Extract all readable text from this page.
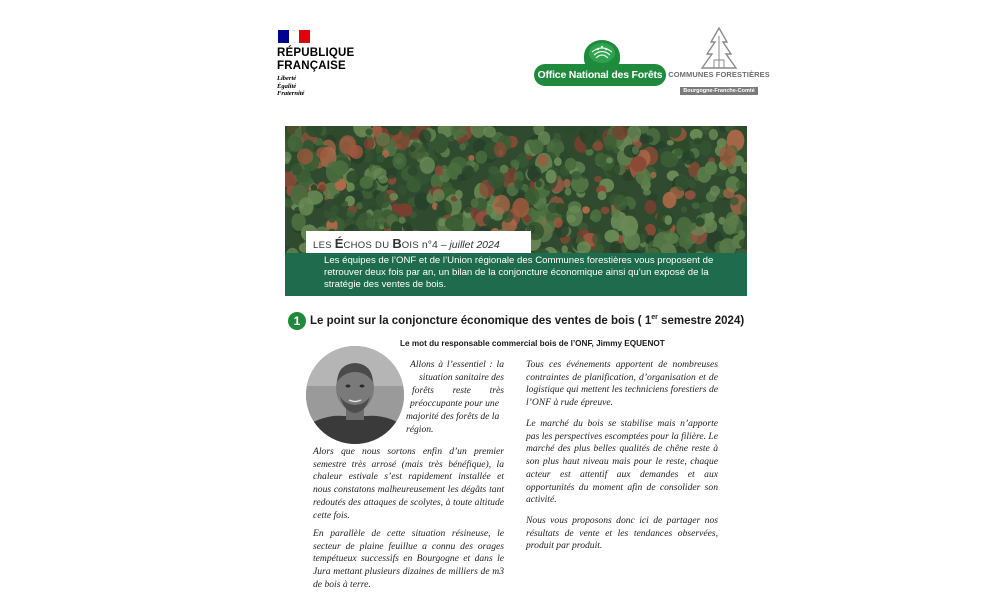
RÉPUBLIQUE
FRANÇAISE
Liberté
Égalité
Fraternité
Office National des Forêts COMMUNES FORESTIÈRES
Bourgogne-Franche-Comté
LES ÉCHOS DU BOIS n°4 – juillet 2024
Les équipes de l’ONF et de l’Union régionale des Communes forestières vous proposent de retrouver deux fois par an, un bilan de la conjoncture économique ainsi qu’un exposé de la stratégie des ventes de bois.
1 Le point sur la conjoncture économique des ventes de bois ( 1er semestre 2024)
Le mot du responsable commercial bois de l’ONF, Jimmy EQUENOT
Allons à l’essentiel : la
situation sanitaire des
forêts reste très
préoccupante pour une
majorité des forêts de la
région.
Alors que nous sortons enfin d’un premier semestre très arrosé (mais très bénéfique), la chaleur estivale s’est rapidement installée et nous constatons malheureusement les dégâts tant redoutés des attaques de scolytes, à toute altitude cette fois.
En parallèle de cette situation résineuse, le secteur de plaine feuillue a connu des orages tempétueux successifs en Bourgogne et dans le Jura mettant plusieurs dizaines de milliers de m3 de bois à terre.
Tous ces événements apportent de nombreuses contraintes de planification, d’organisation et de logistique qui mettent les techniciens forestiers de l’ONF à rude épreuve.
Le marché du bois se stabilise mais n’apporte pas les perspectives escomptées pour la filière. Le marché des plus belles qualités de chêne reste à son plus haut niveau mais pour le reste, chaque acteur est attentif aux demandes et aux opportunités du moment afin de consolider son activité.
Nous vous proposons donc ici de partager nos résultats de vente et les tendances observées, produit par produit.
